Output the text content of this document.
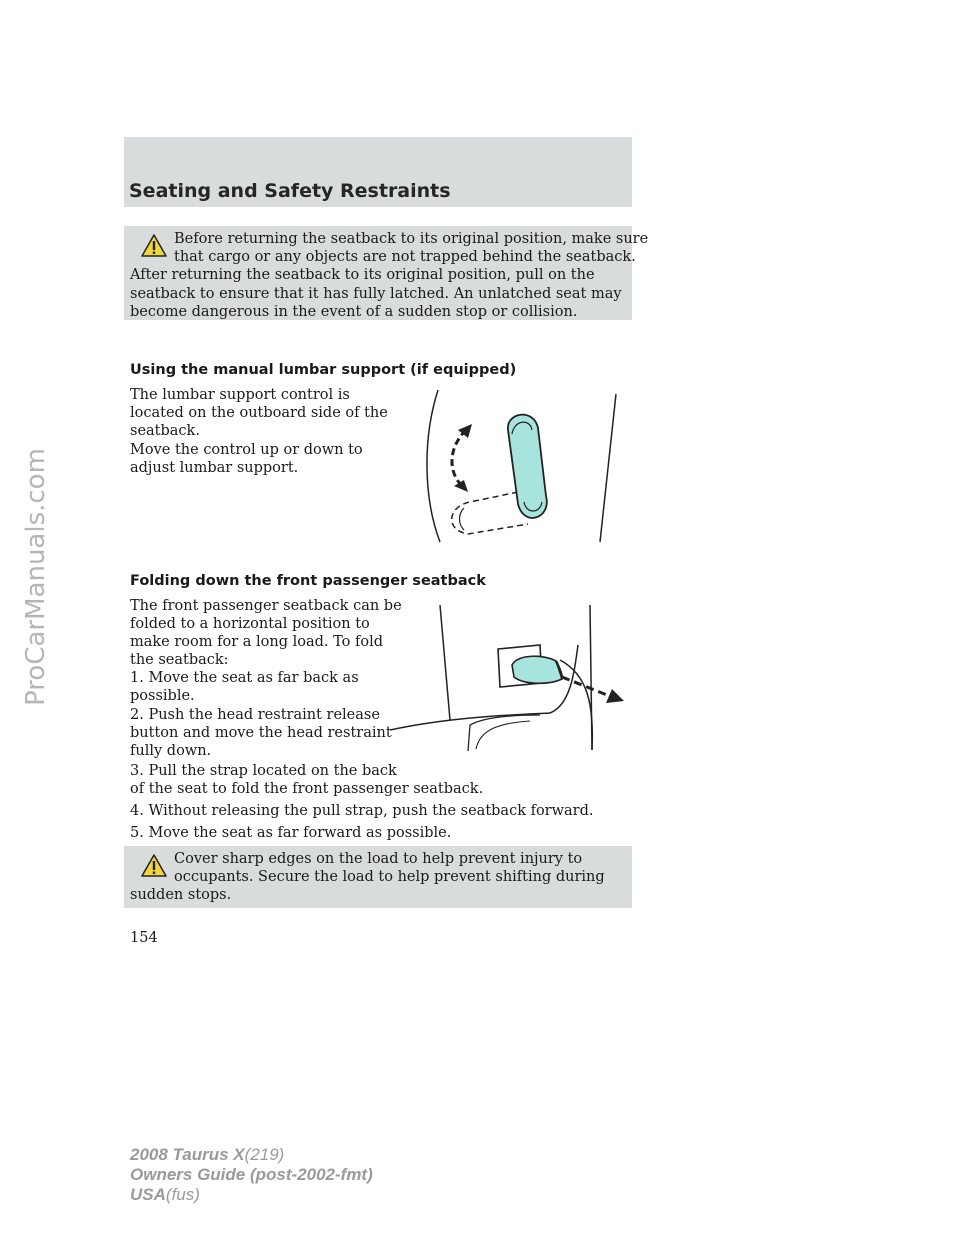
Seating and Safety Restraints
Before returning the seatback to its original position, make sure
that cargo or any objects are not trapped behind the seatback.
After returning the seatback to its original position, pull on the
seatback to ensure that it has fully latched. An unlatched seat may
become dangerous in the event of a sudden stop or collision.
Using the manual lumbar support (if equipped)
The lumbar support control is
located on the outboard side of the
seatback.
Move the control up or down to
adjust lumbar support.
Folding down the front passenger seatback
The front passenger seatback can be
folded to a horizontal position to
make room for a long load. To fold
the seatback:
1. Move the seat as far back as
possible.
2. Push the head restraint release
button and move the head restraint
fully down.
3. Pull the strap located on the back
of the seat to fold the front passenger seatback.
4. Without releasing the pull strap, push the seatback forward.
5. Move the seat as far forward as possible.
Cover sharp edges on the load to help prevent injury to
occupants. Secure the load to help prevent shifting during
sudden stops.
154
2008 Taurus X(219)
Owners Guide (post-2002-fmt)
USA(fus)
ProCarManuals.com
